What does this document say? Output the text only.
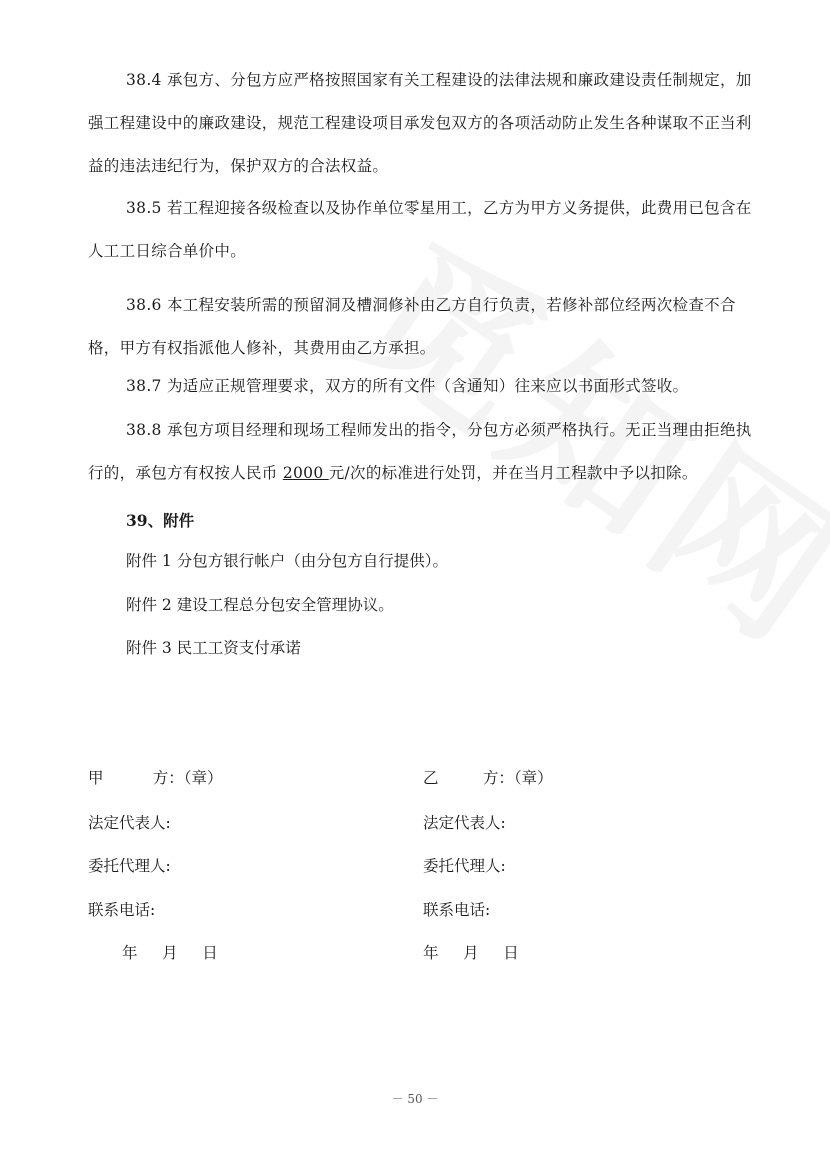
38.4 承包方、分包方应严格按照国家有关工程建设的法律法规和廉政建设责任制规定，加强工程建设中的廉政建设，规范工程建设项目承发包双方的各项活动防止发生各种谋取不正当利益的违法违纪行为，保护双方的合法权益。

38.5 若工程迎接各级检查以及协作单位零星用工，乙方为甲方义务提供，此费用已包含在人工工日综合单价中。

38.6 本工程安装所需的预留洞及槽洞修补由乙方自行负责，若修补部位经两次检查不合格，甲方有权指派他人修补，其费用由乙方承担。

38.7 为适应正规管理要求，双方的所有文件（含通知）往来应以书面形式签收。

38.8 承包方项目经理和现场工程师发出的指令，分包方必须严格执行。无正当理由拒绝执行的，承包方有权按人民币 2000 元/次的标准进行处罚，并在当月工程款中予以扣除。

39、附件

附件 1 分包方银行帐户（由分包方自行提供）。

附件 2 建设工程总分包安全管理协议。

附件 3 民工工资支付承诺

甲          方：（章）

法定代表人:

委托代理人:

联系电话:

年     月     日

乙         方：（章）

法定代表人:

委托代理人:

联系电话:

年     月     日

－ 50 －
